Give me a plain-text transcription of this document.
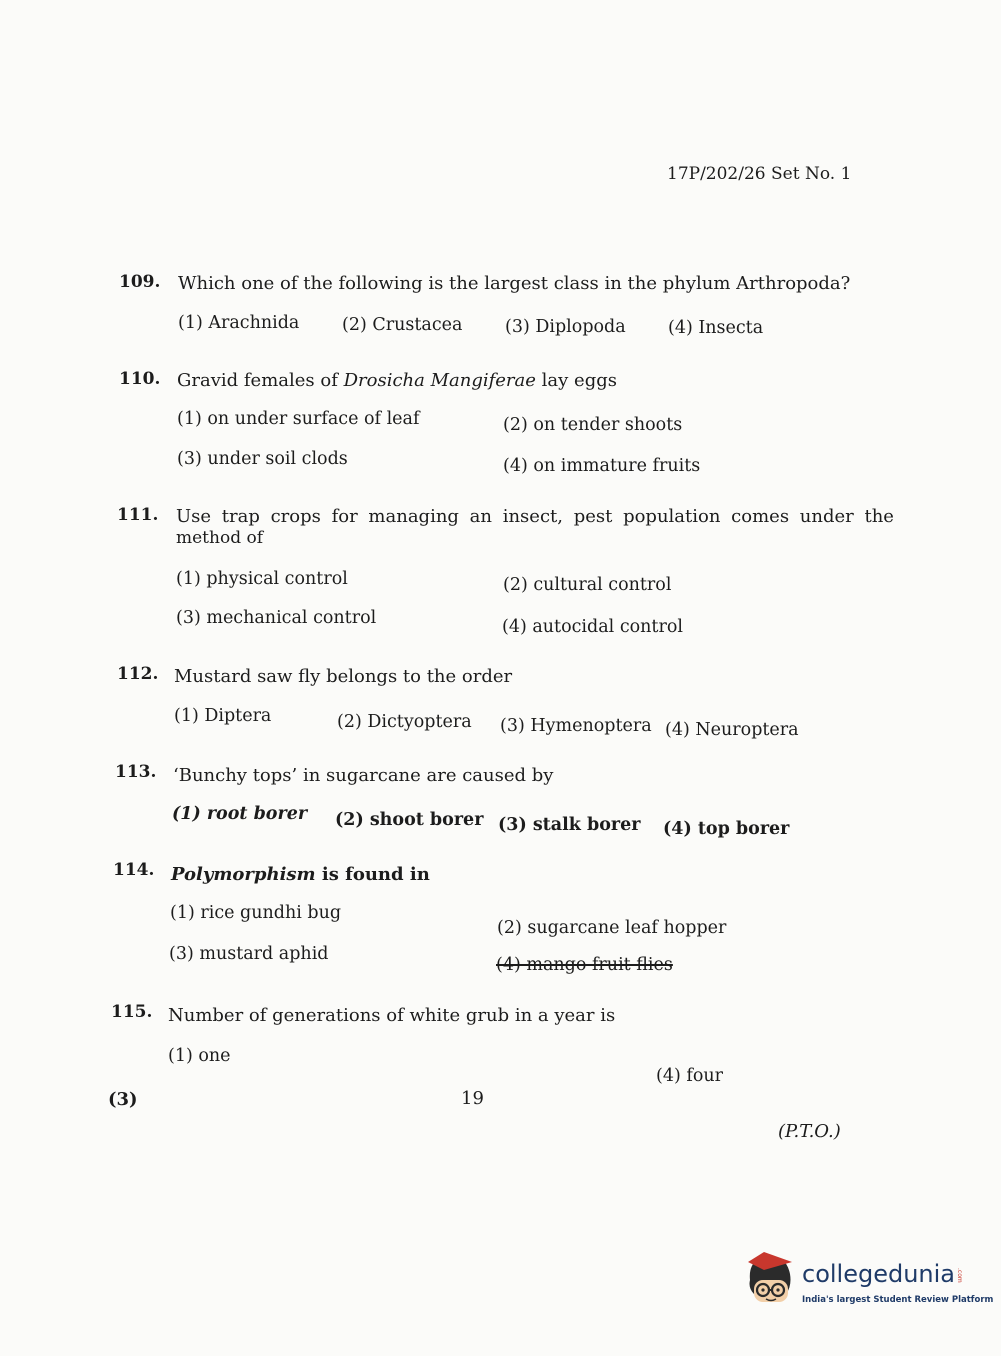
17P/202/26 Set No. 1
109. Which one of the following is the largest class in the phylum Arthropoda?
(1) Arachnida (2) Crustacea (3) Diplopoda (4) Insecta
110. Gravid females of Drosicha Mangiferae lay eggs
(1) on under surface of leaf	(2) on tender shoots
(3) under soil clods	(4) on immature fruits
111. Use trap crops for managing an insect, pest population comes under the
method of
(1) physical control	(2) cultural control
(3) mechanical control	(4) autocidal control
112. Mustard saw fly belongs to the order
(1) Diptera	(2) Dictyoptera (3) Hymenoptera (4) Neuroptera
113. ‘Bunchy tops’ in sugarcane are caused by
(1) root borer (2) shoot borer (3) stalk borer (4) top borer
114. Polymorphism is found in
(1) rice gundhi bug
(2) sugarcane leaf hopper
(3) mustard aphid
(4) mango fruit flies
115. Number of generations of white grub in a year is
(1) one
(4) four
(3)	19
(P.T.O.)
collegedunia .com
India's largest Student Review Platform
